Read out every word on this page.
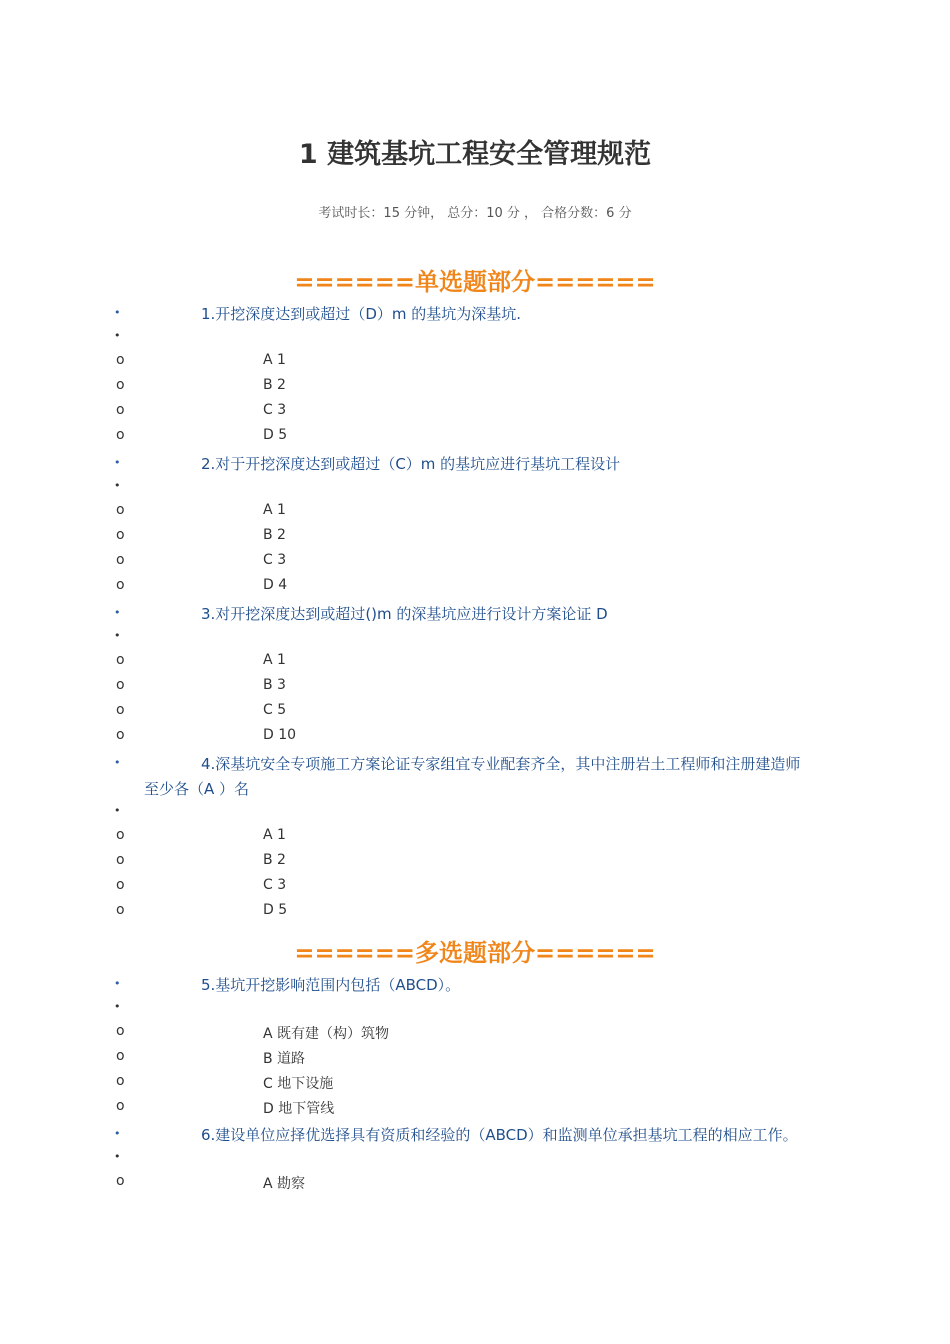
1 建筑基坑工程安全管理规范
考试时长：15 分钟， 总分：10 分 ， 合格分数：6 分
======单选题部分======
•	1.开挖深度达到或超过（D）m 的基坑为深基坑.
•
o	A 1
o	B 2
o	C 3
o	D 5
•	2.对于开挖深度达到或超过（C）m 的基坑应进行基坑工程设计
•
o	A 1
o	B 2
o	C 3
o	D 4
•	3.对开挖深度达到或超过()m 的深基坑应进行设计方案论证 D
•
o	A 1
o	B 3
o	C 5
o	D 10
•	4.深基坑安全专项施工方案论证专家组宜专业配套齐全，其中注册岩土工程师和注册建造师至少各（A ）名
•
o	A 1
o	B 2
o	C 3
o	D 5
======多选题部分======
•	5.基坑开挖影响范围内包括（ABCD）。
•
o	A 既有建（构）筑物
o	B 道路
o	C 地下设施
o	D 地下管线
•	6.建设单位应择优选择具有资质和经验的（ABCD）和监测单位承担基坑工程的相应工作。
•
o	A 勘察
